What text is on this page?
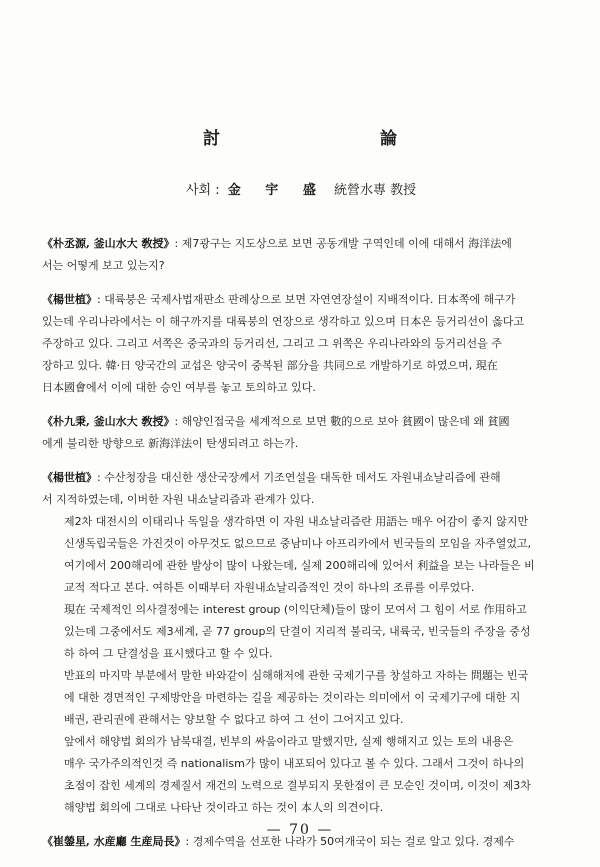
討　　論
사회 : 金 宇 盛 統營水專 教授

《朴丞源, 釜山水大 敎授》: 제7광구는 지도상으로 보면 공동개발 구역인데 이에 대해서 海洋法에
서는 어떻게 보고 있는지?

《楊世植》: 대륙붕은 국제사법재판소 판례상으로 보면 자연연장설이 지배적이다. 日本쪽에 해구가
있는데 우리나라에서는 이 해구까지를 대륙붕의 연장으로 생각하고 있으며 日本은 등거리선이 옳다고
주장하고 있다. 그리고 서쪽은 중국과의 등거리선, 그리고 그 위쪽은 우리나라와의 등거리선을 주
장하고 있다. 韓·日 양국간의 교섭은 양국이 중복된 部分을 共同으로 개발하기로 하였으며, 現在
日本國會에서 이에 대한 승인 여부를 놓고 토의하고 있다.

《朴九秉, 釜山水大 敎授》: 해양인접국을 세계적으로 보면 數的으로 보아 貧國이 많은데 왜 貧國
에게 불리한 방향으로 新海洋法이 탄생되려고 하는가.

《楊世植》: 수산청장을 대신한 생산국장께서 기조연설을 대독한 데서도 자원내쇼날리즘에 관해
서 지적하였는데, 이버한 자원 내쇼날리즘과 관계가 있다.

제2차 대전시의 이태리나 독일을 생각하면 이 자원 내쇼날리즘란 用語는 매우 어감이 좋지 않지만
신생독립국들은 가진것이 아무것도 없으므로 중남미나 아프리카에서 빈국들의 모임을 자주열었고,
여기에서 200해리에 관한 발상이 많이 나왔는데, 실제 200해리에 있어서 利益을 보는 나라들은 비
교적 적다고 본다. 여하튼 이때부터 자원내쇼날리즘적인 것이 하나의 조류를 이루었다.

現在 국제적인 의사결정에는 interest group (이익단체)들이 많이 모여서 그 힘이 서로 作用하고
있는데 그중에서도 제3세계, 곧 77 group의 단결이 지리적 불리국, 내륙국, 빈국들의 주장을 중성
하 하여 그 단결성을 표시했다고 할 수 있다.

반표의 마지막 부분에서 말한 바와같이 심해해저에 관한 국제기구를 창설하고 자하는 問題는 빈국
에 대한 경면적인 구제방안을 마련하는 길을 제공하는 것이라는 의미에서 이 국제기구에 대한 지
배권, 관리권에 관해서는 양보할 수 없다고 하여 그 선이 그어지고 있다.

앞에서 해양법 회의가 남북대결, 빈부의 싸움이라고 말했지만, 실제 행해지고 있는 토의 내용은
매우 국가주의적인것 즉 nationalism가 많이 내포되어 있다고 볼 수 있다. 그래서 그것이 하나의
초점이 잡힌 세계의 경제질서 재건의 노력으로 결부되지 못한점이 큰 모순인 것이며, 이것이 제3차
해양법 회의에 그대로 나타난 것이라고 하는 것이 本人의 의견이다.

《崔鎣星, 水産廳 生産局長》: 경제수역을 선포한 나라가 50여개국이 되는 걸로 알고 있다. 경제수

— 70 —
